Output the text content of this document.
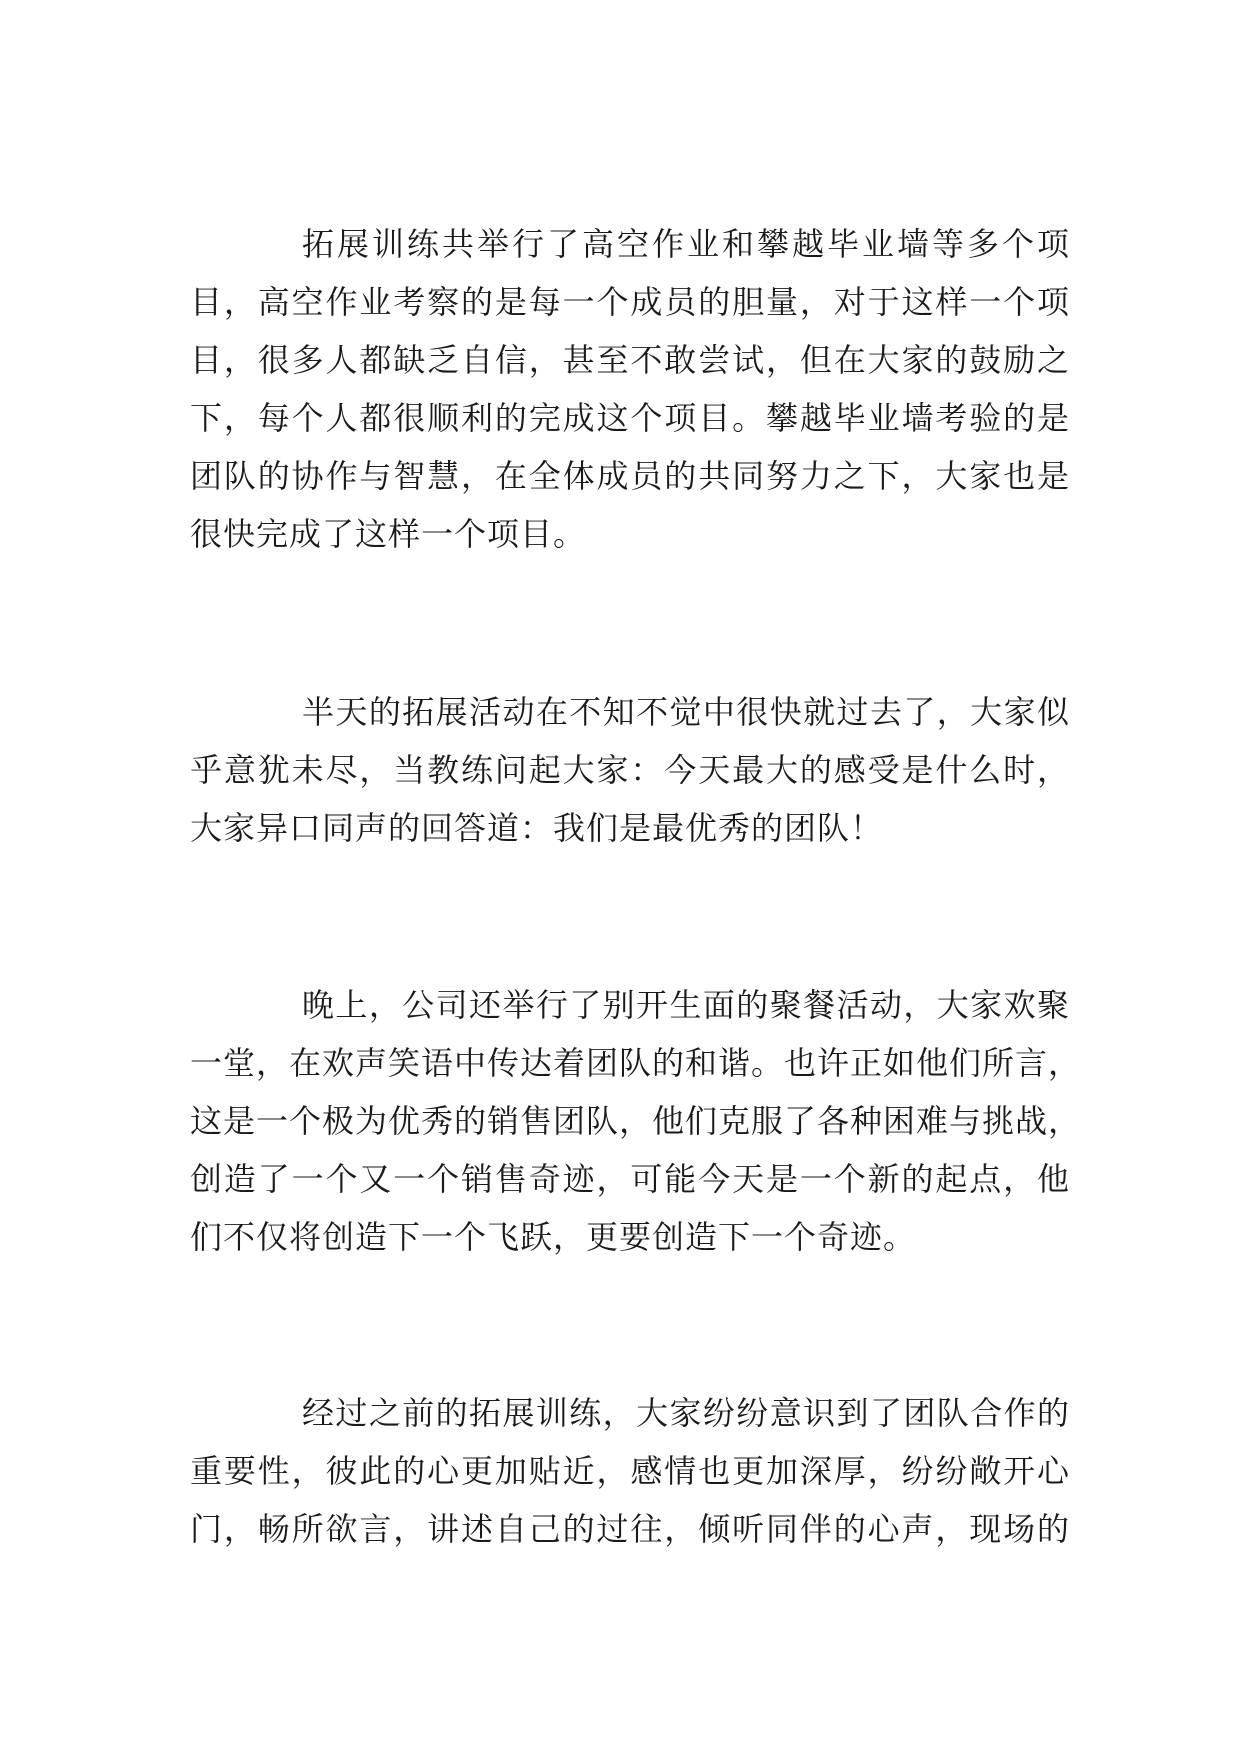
拓展训练共举行了高空作业和攀越毕业墙等多个项
目，高空作业考察的是每一个成员的胆量，对于这样一个项
目，很多人都缺乏自信，甚至不敢尝试，但在大家的鼓励之
下，每个人都很顺利的完成这个项目。攀越毕业墙考验的是
团队的协作与智慧，在全体成员的共同努力之下，大家也是
很快完成了这样一个项目。
半天的拓展活动在不知不觉中很快就过去了，大家似
乎意犹未尽，当教练问起大家：今天最大的感受是什么时，
大家异口同声的回答道：我们是最优秀的团队！
晚上，公司还举行了别开生面的聚餐活动，大家欢聚
一堂，在欢声笑语中传达着团队的和谐。也许正如他们所言，
这是一个极为优秀的销售团队，他们克服了各种困难与挑战，
创造了一个又一个销售奇迹，可能今天是一个新的起点，他
们不仅将创造下一个飞跃，更要创造下一个奇迹。
经过之前的拓展训练，大家纷纷意识到了团队合作的
重要性，彼此的心更加贴近，感情也更加深厚，纷纷敞开心
门，畅所欲言，讲述自己的过往，倾听同伴的心声，现场的
